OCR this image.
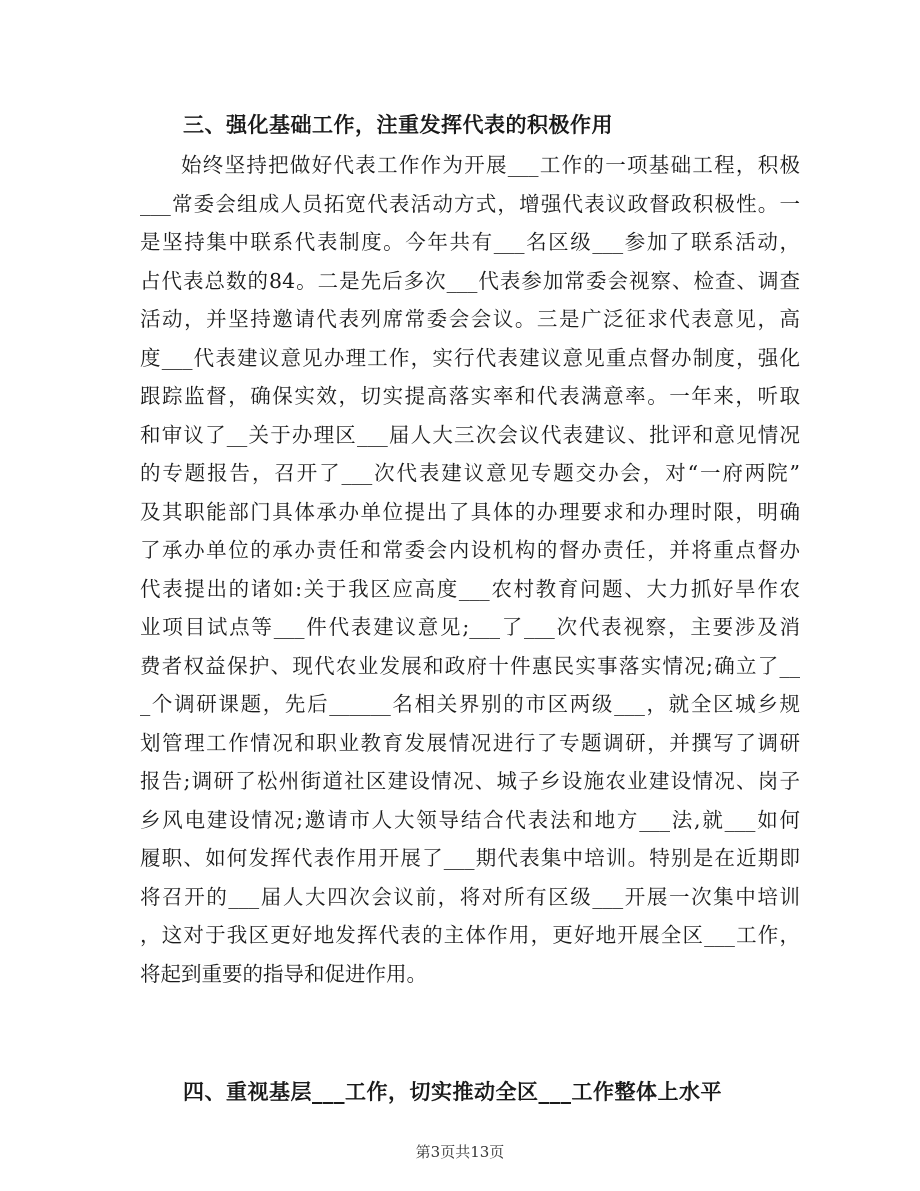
三、强化基础工作，注重发挥代表的积极作用
始终坚持把做好代表工作作为开展___工作的一项基础工程，积极
___常委会组成人员拓宽代表活动方式，增强代表议政督政积极性。一
是坚持集中联系代表制度。今年共有___名区级___参加了联系活动，
占代表总数的84。二是先后多次___代表参加常委会视察、检查、调查
活动，并坚持邀请代表列席常委会会议。三是广泛征求代表意见，高
度___代表建议意见办理工作，实行代表建议意见重点督办制度，强化
跟踪监督，确保实效，切实提高落实率和代表满意率。一年来，听取
和审议了__关于办理区___届人大三次会议代表建议、批评和意见情况
的专题报告，召开了___次代表建议意见专题交办会，对“一府两院”
及其职能部门具体承办单位提出了具体的办理要求和办理时限，明确
了承办单位的承办责任和常委会内设机构的督办责任，并将重点督办
代表提出的诸如:关于我区应高度___农村教育问题、大力抓好旱作农
业项目试点等___件代表建议意见;___了___次代表视察，主要涉及消
费者权益保护、现代农业发展和政府十件惠民实事落实情况;确立了__
_个调研课题，先后______名相关界别的市区两级___，就全区城乡规
划管理工作情况和职业教育发展情况进行了专题调研，并撰写了调研
报告;调研了松州街道社区建设情况、城子乡设施农业建设情况、岗子
乡风电建设情况;邀请市人大领导结合代表法和地方___法,就___如何
履职、如何发挥代表作用开展了___期代表集中培训。特别是在近期即
将召开的___届人大四次会议前，将对所有区级___开展一次集中培训
，这对于我区更好地发挥代表的主体作用，更好地开展全区___工作，
将起到重要的指导和促进作用。
四、重视基层___工作，切实推动全区___工作整体上水平
第3页共13页
